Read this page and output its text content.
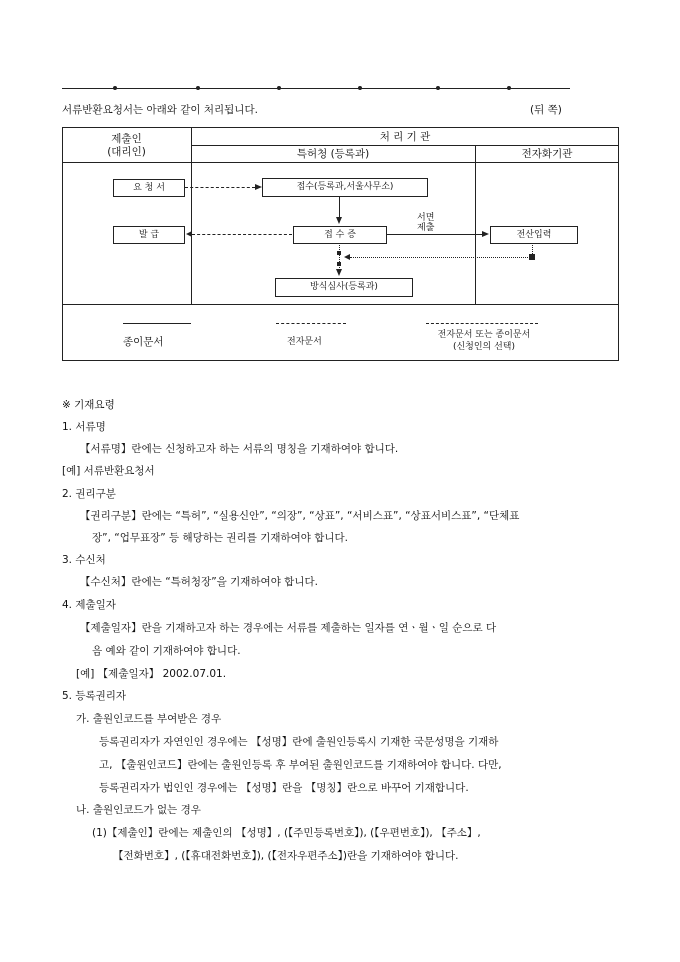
서류반환요청서는 아래와 같이 처리됩니다.	(뒤 쪽)
제출인
(대리인)
처 리 기 관
특허청 (등록과)	전자화기관
요 청 서	접수(등록과,서울사무소)
발 급	접 수 증	전산입력
방식심사(등록과)
서면
제출
종이문서	전자문서
전자문서 또는 종이문서
(신청인의 선택)
※ 기재요령
1. 서류명
【서류명】란에는 신청하고자 하는 서류의 명칭을 기재하여야 합니다.
[예] 서류반환요청서
2. 권리구분
【권리구분】란에는 “특허”, “실용신안”, “의장”, “상표”, “서비스표”, “상표서비스표”, “단체표
장”, “업무표장” 등 해당하는 권리를 기재하여야 합니다.
3. 수신처
【수신처】란에는 “특허청장”을 기재하여야 합니다.
4. 제출일자
【제출일자】란을 기재하고자 하는 경우에는 서류를 제출하는 일자를 연ㆍ월ㆍ일 순으로 다
음 예와 같이 기재하여야 합니다.
[예] 【제출일자】 2002.07.01.
5. 등록권리자
가. 출원인코드를 부여받은 경우
등록권리자가 자연인인 경우에는 【성명】란에 출원인등록시 기재한 국문성명을 기재하
고, 【출원인코드】란에는 출원인등록 후 부여된 출원인코드를 기재하여야 합니다. 다만,
등록권리자가 법인인 경우에는 【성명】란을 【명칭】란으로 바꾸어 기재합니다.
나. 출원인코드가 없는 경우
(1)【제출인】란에는 제출인의 【성명】, (【주민등록번호】), (【우편번호】), 【주소】,
【전화번호】, (【휴대전화번호】), (【전자우편주소】)란을 기재하여야 합니다.
